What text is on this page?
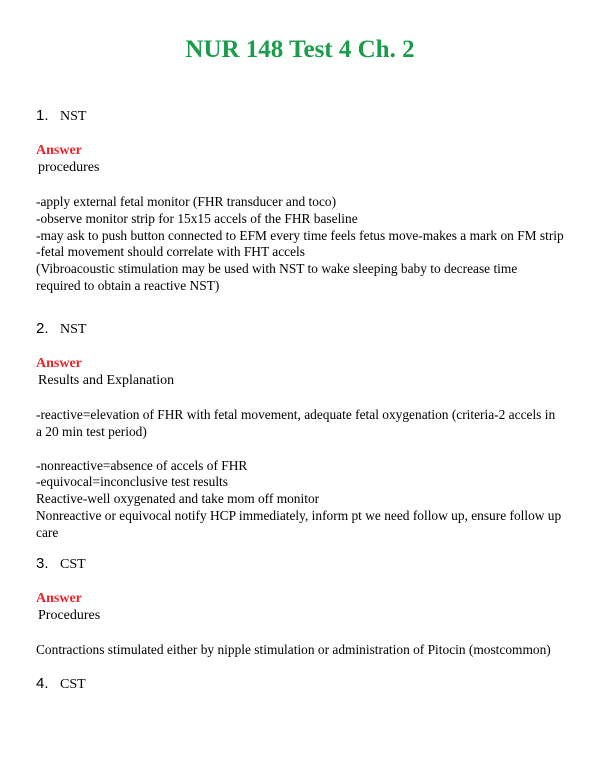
NUR 148 Test 4 Ch. 2
1. NST
Answer
procedures
-apply external fetal monitor (FHR transducer and toco)
-observe monitor strip for 15x15 accels of the FHR baseline
-may ask to push button connected to EFM every time feels fetus move-makes a mark on FM strip
-fetal movement should correlate with FHT accels
(Vibroacoustic stimulation may be used with NST to wake sleeping baby to decrease time required to obtain a reactive NST)
2. NST
Answer
Results and Explanation
-reactive=elevation of FHR with fetal movement, adequate fetal oxygenation (criteria-2 accels in a 20 min test period)
-nonreactive=absence of accels of FHR
-equivocal=inconclusive test results
Reactive-well oxygenated and take mom off monitor
Nonreactive or equivocal notify HCP immediately, inform pt we need follow up, ensure follow up care
3. CST
Answer
Procedures
Contractions stimulated either by nipple stimulation or administration of Pitocin (mostcommon)
4. CST
